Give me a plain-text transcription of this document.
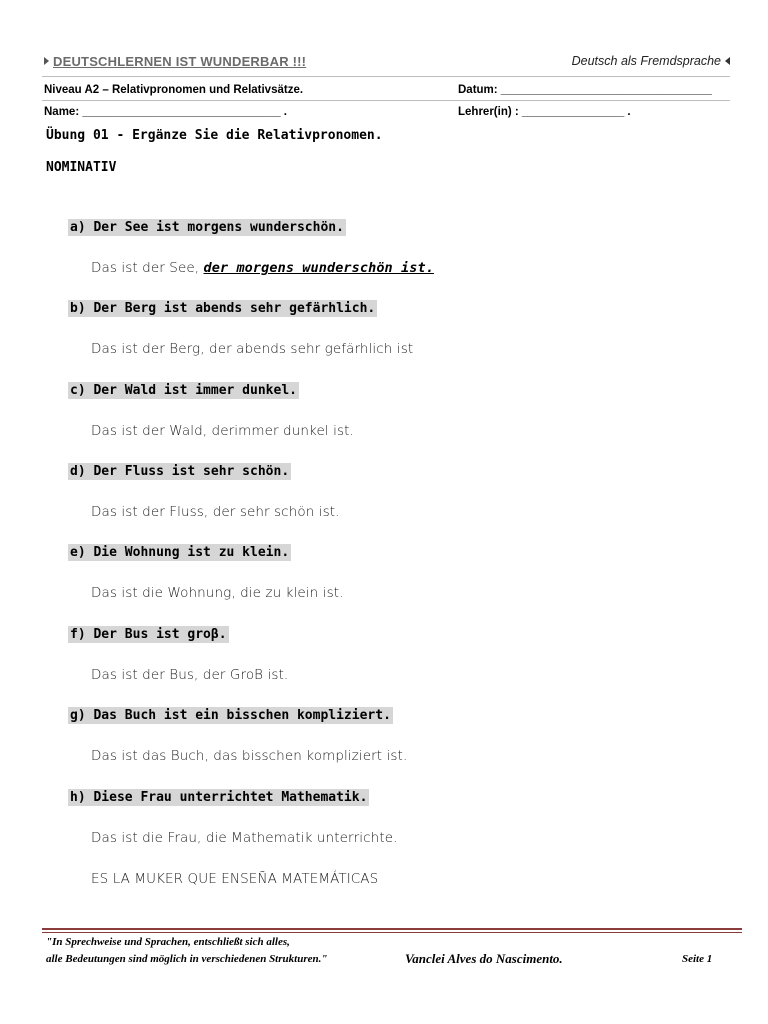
DEUTSCHLERNEN IST WUNDERBAR !!!	Deutsch als Fremdsprache
Niveau A2 – Relativpronomen und Relativsätze.	Datum: _________________________________
Name: _______________________________ .	Lehrer(in) : ________________ .
Übung 01 - Ergänze Sie die Relativpronomen.
NOMINATIV
a) Der See ist morgens wunderschön.
Das ist der See, der morgens wunderschön ist.
b) Der Berg ist abends sehr gefärhlich.
Das ist der Berg, der abends sehr gefärhlich ist
c) Der Wald ist immer dunkel.
Das ist der Wald, derimmer dunkel ist.
d) Der Fluss ist sehr schön.
Das ist der Fluss, der sehr schön ist.
e) Die Wohnung ist zu klein.
Das ist die Wohnung, die zu klein ist.
f) Der Bus ist groβ.
Das ist der Bus, der GroB ist.
g) Das Buch ist ein bisschen kompliziert.
Das ist das Buch, das bisschen kompliziert ist.
h) Diese Frau unterrichtet Mathematik.
Das ist die Frau, die Mathematik unterrichte.
ES LA MUKER QUE ENSEÑA MATEMÁTICAS
"In Sprechweise und Sprachen, entschließt sich alles,
alle Bedeutungen sind möglich in verschiedenen Strukturen."	Vanclei Alves do Nascimento.	Seite 1
